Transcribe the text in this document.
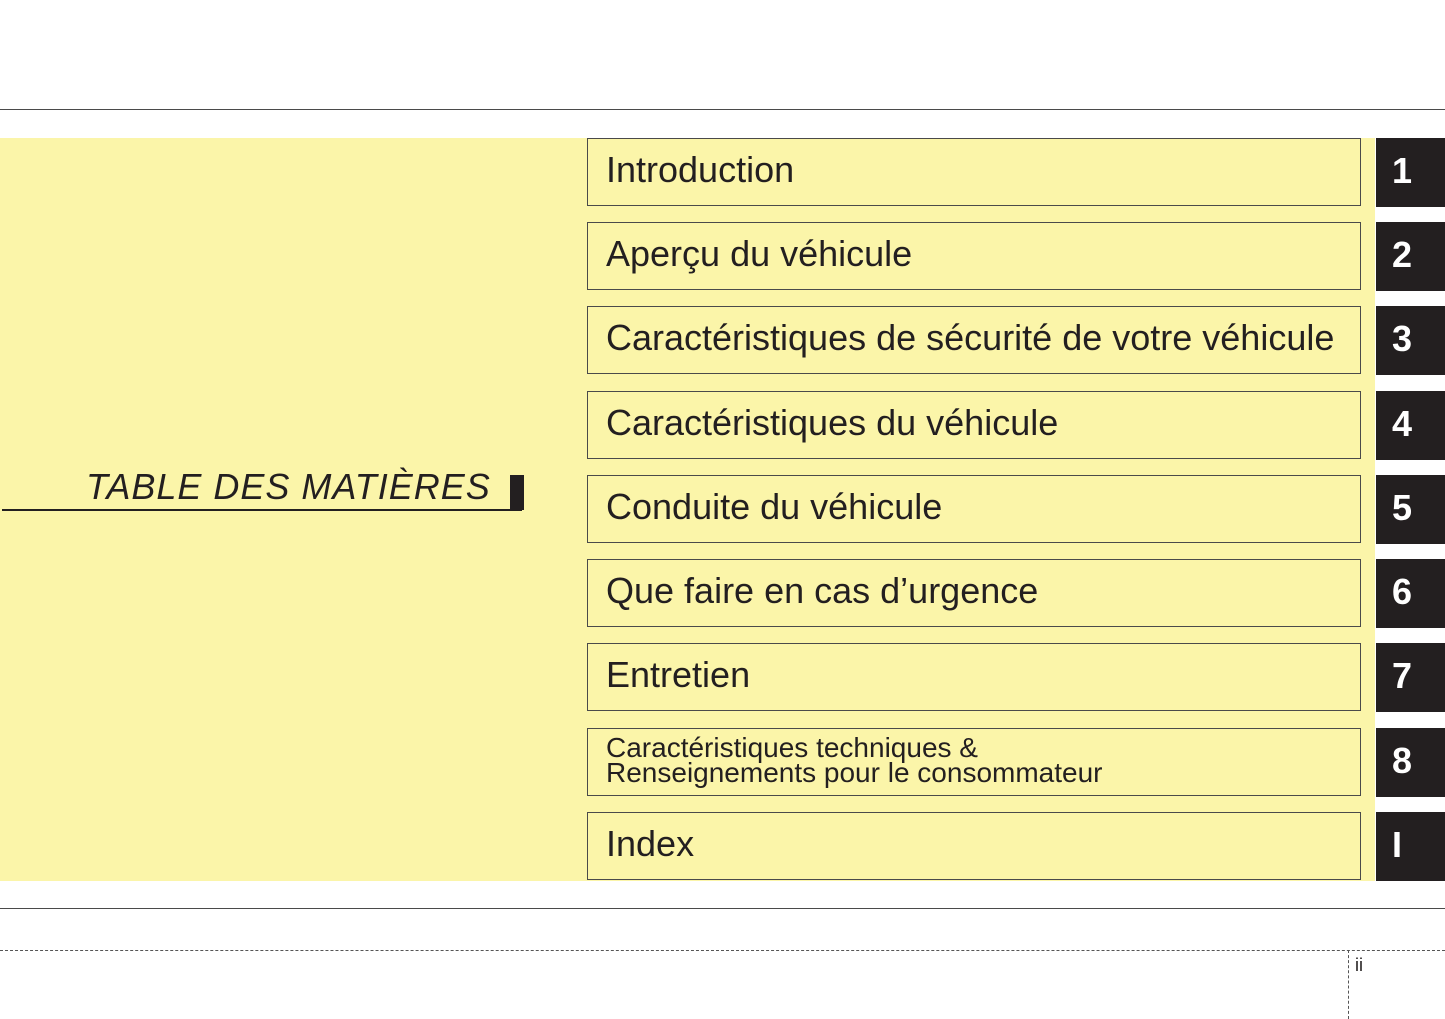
TABLE DES MATIÈRES
Introduction	1
Aperçu du véhicule	2
Caractéristiques de sécurité de votre véhicule 3
Caractéristiques du véhicule	4
Conduite du véhicule	5
Que faire en cas d’urgence	6
Entretien	7
Caractéristiques techniques &
Renseignements pour le consommateur	8
Index	I
ii
